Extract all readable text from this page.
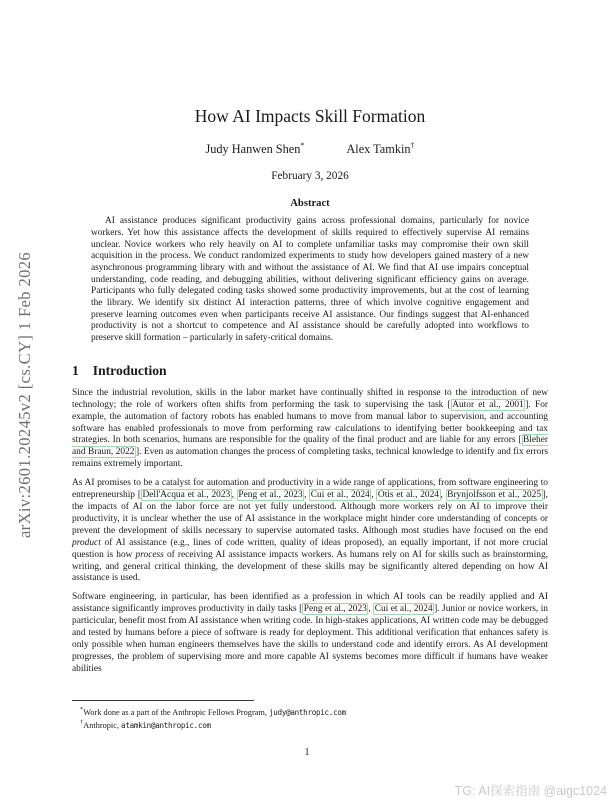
arXiv:2601.20245v2 [cs.CY] 1 Feb 2026
How AI Impacts Skill Formation
Judy Hanwen Shen*	Alex Tamkin†
February 3, 2026
Abstract
AI assistance produces significant productivity gains across professional domains, particularly for novice workers. Yet how this assistance affects the development of skills required to effectively supervise AI remains unclear. Novice workers who rely heavily on AI to complete unfamiliar tasks may compromise their own skill acquisition in the process. We conduct randomized experiments to study how developers gained mastery of a new asynchronous programming library with and without the assistance of AI. We find that AI use impairs conceptual understanding, code reading, and debugging abilities, without delivering significant efficiency gains on average. Participants who fully delegated coding tasks showed some productivity improvements, but at the cost of learning the library. We identify six distinct AI interaction patterns, three of which involve cognitive engagement and preserve learning outcomes even when participants receive AI assistance. Our findings suggest that AI-enhanced productivity is not a shortcut to competence and AI assistance should be carefully adopted into workflows to preserve skill formation – particularly in safety-critical domains.
1 Introduction
Since the industrial revolution, skills in the labor market have continually shifted in response to the introduction of new technology; the role of workers often shifts from performing the task to supervising the task [ Autor et al., 2001 ]. For example, the automation of factory robots has enabled humans to move from manual labor to supervision, and accounting software has enabled professionals to move from performing raw calculations to identifying better bookkeeping and tax strategies. In both scenarios, humans are responsible for the quality of the final product and are liable for any errors [ Bleher and Braun, 2022 ]. Even as automation changes the process of completing tasks, technical knowledge to identify and fix errors remains extremely important.
As AI promises to be a catalyst for automation and productivity in a wide range of applications, from software engineering to entrepreneurship [ Dell'Acqua et al., 2023 , Peng et al., 2023 , Cui et al., 2024 , Otis et al., 2024 , Brynjolfsson et al., 2025 ], the impacts of AI on the labor force are not yet fully understood. Although more workers rely on AI to improve their productivity, it is unclear whether the use of AI assistance in the workplace might hinder core understanding of concepts or prevent the development of skills necessary to supervise automated tasks. Although most studies have focused on the end product of AI assistance (e.g., lines of code written, quality of ideas proposed), an equally important, if not more crucial question is how process of receiving AI assistance impacts workers. As humans rely on AI for skills such as brainstorming, writing, and general critical thinking, the development of these skills may be significantly altered depending on how AI assistance is used.
Software engineering, in particular, has been identified as a profession in which AI tools can be readily applied and AI assistance significantly improves productivity in daily tasks [ Peng et al., 2023 , Cui et al., 2024 ]. Junior or novice workers, in particicular, benefit most from AI assistance when writing code. In high-stakes applications, AI written code may be debugged and tested by humans before a piece of software is ready for deployment. This additional verification that enhances safety is only possible when human engineers themselves have the skills to understand code and identify errors. As AI development progresses, the problem of supervising more and more capable AI systems becomes more difficult if humans have weaker abilities
*Work done as a part of the Anthropic Fellows Program, judy@anthropic.com
†Anthropic, atamkin@anthropic.com
1
TG: AI探索指南 @aigc1024
